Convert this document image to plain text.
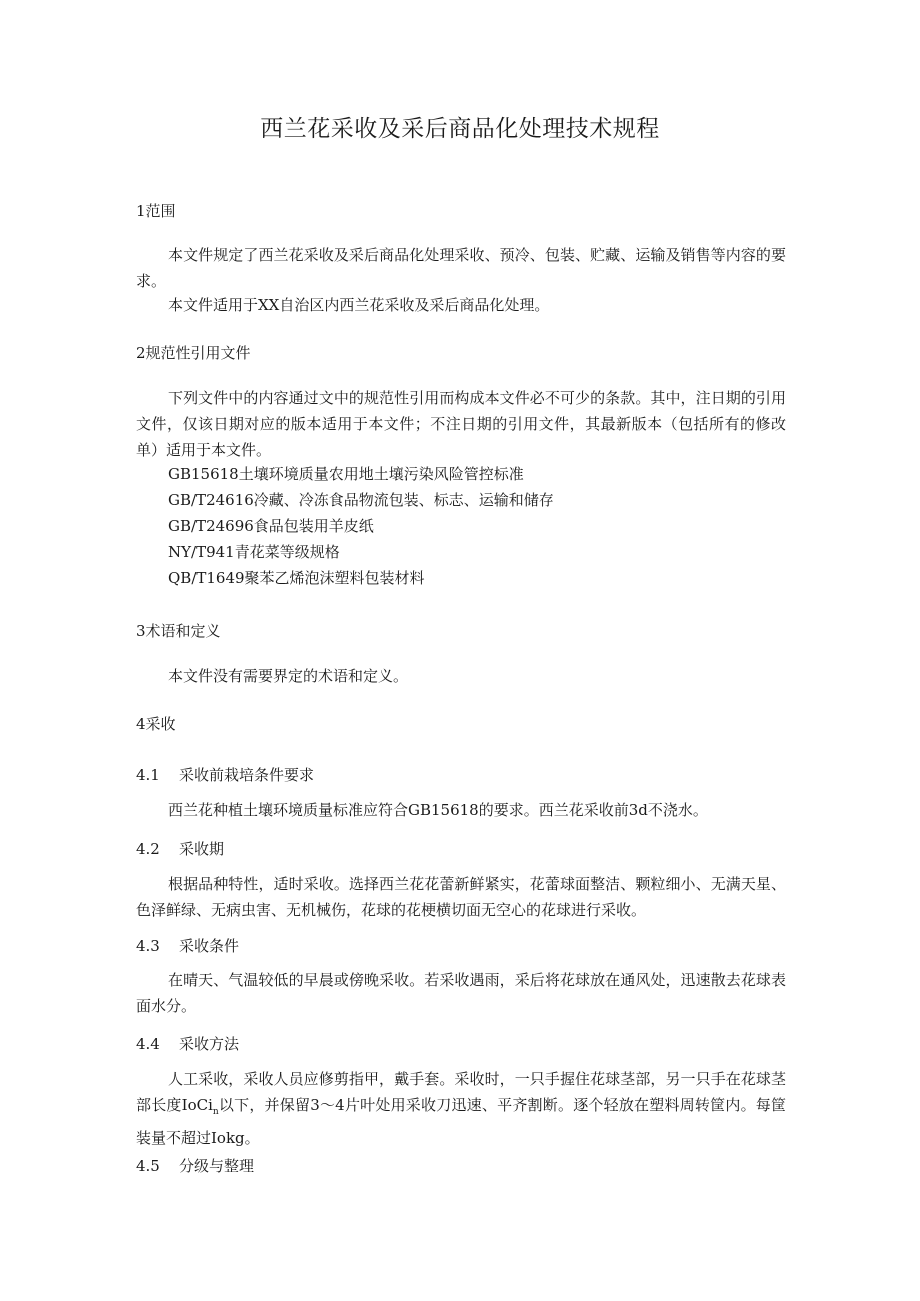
西兰花采收及采后商品化处理技术规程

1范围

本文件规定了西兰花采收及采后商品化处理采收、预冷、包装、贮藏、运输及销售等内容的要求。

本文件适用于XX自治区内西兰花采收及采后商品化处理。

2规范性引用文件

下列文件中的内容通过文中的规范性引用而构成本文件必不可少的条款。其中，注日期的引用文件，仅该日期对应的版本适用于本文件；不注日期的引用文件，其最新版本（包括所有的修改单）适用于本文件。

GB15618土壤环境质量农用地土壤污染风险管控标准

GB/T24616冷藏、冷冻食品物流包装、标志、运输和储存

GB/T24696食品包装用羊皮纸

NY/T941青花菜等级规格

QB/T1649聚苯乙烯泡沫塑料包装材料

3术语和定义

本文件没有需要界定的术语和定义。

4采收

4.1 采收前栽培条件要求

西兰花种植土壤环境质量标准应符合GB15618的要求。西兰花采收前3d不浇水。

4.2 采收期

根据品种特性，适时采收。选择西兰花花蕾新鲜紧实，花蕾球面整洁、颗粒细小、无满天星、色泽鲜绿、无病虫害、无机械伤，花球的花梗横切面无空心的花球进行采收。

4.3 采收条件

在晴天、气温较低的早晨或傍晚采收。若采收遇雨，采后将花球放在通风处，迅速散去花球表面水分。

4.4 采收方法

人工采收，采收人员应修剪指甲，戴手套。采收时，一只手握住花球茎部，另一只手在花球茎部长度IoCi$_n$以下，并保留3～4片叶处用采收刀迅速、平齐割断。逐个轻放在塑料周转筐内。每筐装量不超过Iokg。

4.5 分级与整理
